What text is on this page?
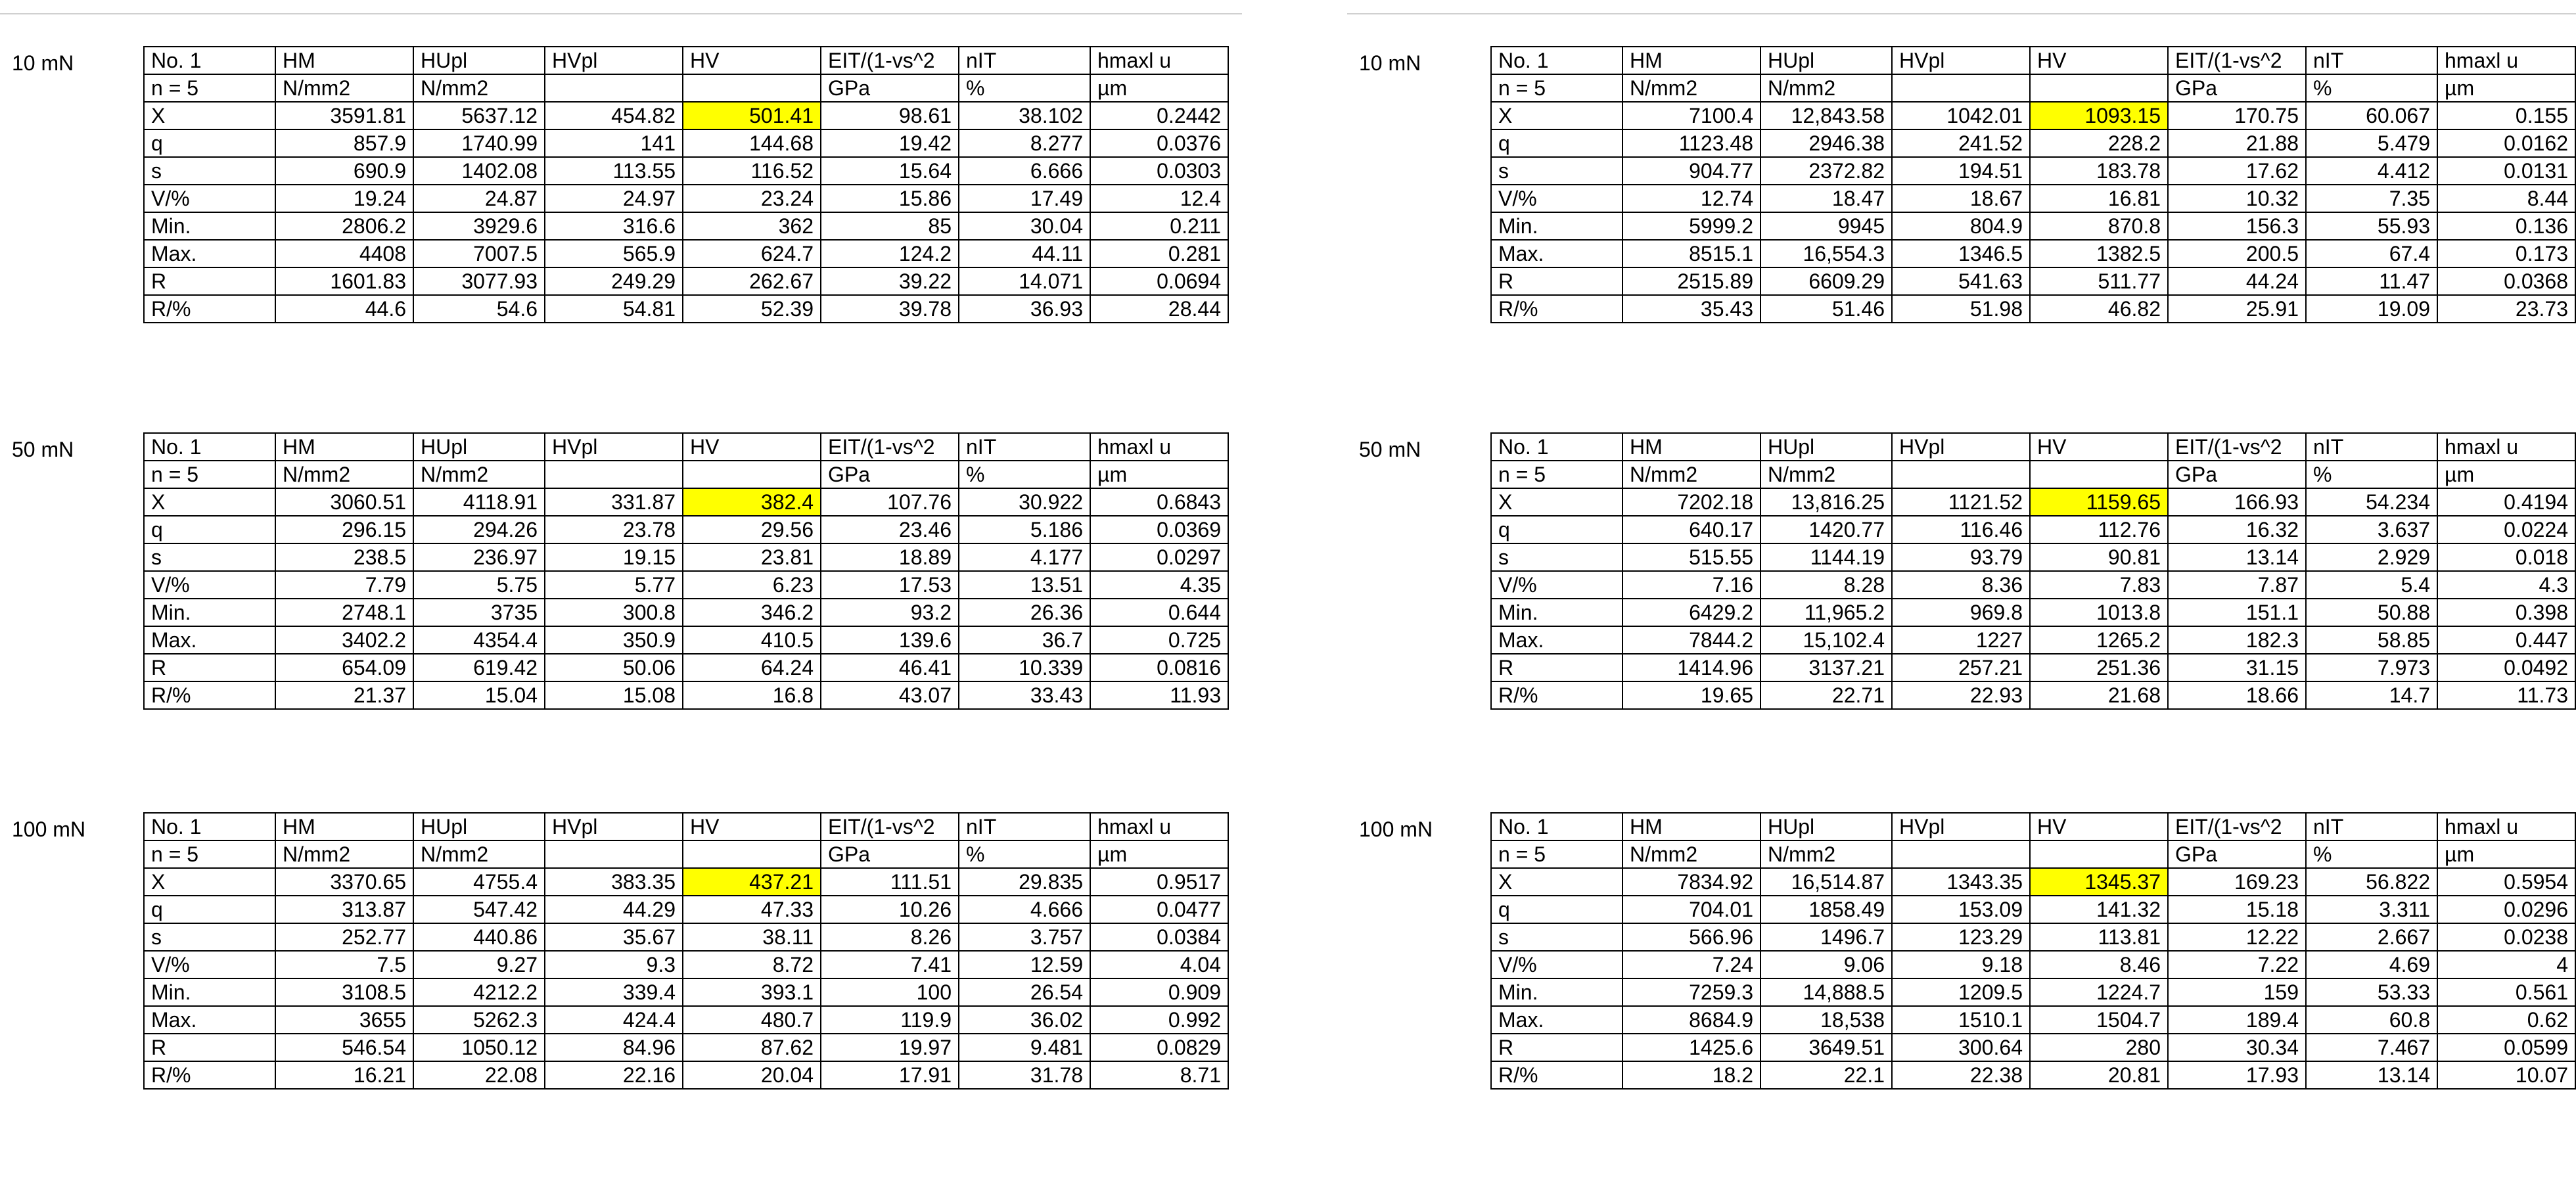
10 mN	No. 1	HM	HUpl	HVpl	HV	EIT/(1-vs^2	nIT	hmaxl u
n = 5	N/mm2	N/mm2			GPa	%	µm
X	3591.81	5637.12	454.82	501.41	98.61	38.102	0.2442
q	857.9	1740.99	141	144.68	19.42	8.277	0.0376
s	690.9	1402.08	113.55	116.52	15.64	6.666	0.0303
V/%	19.24	24.87	24.97	23.24	15.86	17.49	12.4
Min.	2806.2	3929.6	316.6	362	85	30.04	0.211
Max.	4408	7007.5	565.9	624.7	124.2	44.11	0.281
R	1601.83	3077.93	249.29	262.67	39.22	14.071	0.0694
R/%	44.6	54.6	54.81	52.39	39.78	36.93	28.44
50 mN	No. 1	HM	HUpl	HVpl	HV	EIT/(1-vs^2	nIT	hmaxl u
n = 5	N/mm2	N/mm2			GPa	%	µm
X	3060.51	4118.91	331.87	382.4	107.76	30.922	0.6843
q	296.15	294.26	23.78	29.56	23.46	5.186	0.0369
s	238.5	236.97	19.15	23.81	18.89	4.177	0.0297
V/%	7.79	5.75	5.77	6.23	17.53	13.51	4.35
Min.	2748.1	3735	300.8	346.2	93.2	26.36	0.644
Max.	3402.2	4354.4	350.9	410.5	139.6	36.7	0.725
R	654.09	619.42	50.06	64.24	46.41	10.339	0.0816
R/%	21.37	15.04	15.08	16.8	43.07	33.43	11.93
100 mN	No. 1	HM	HUpl	HVpl	HV	EIT/(1-vs^2	nIT	hmaxl u
n = 5	N/mm2	N/mm2			GPa	%	µm
X	3370.65	4755.4	383.35	437.21	111.51	29.835	0.9517
q	313.87	547.42	44.29	47.33	10.26	4.666	0.0477
s	252.77	440.86	35.67	38.11	8.26	3.757	0.0384
V/%	7.5	9.27	9.3	8.72	7.41	12.59	4.04
Min.	3108.5	4212.2	339.4	393.1	100	26.54	0.909
Max.	3655	5262.3	424.4	480.7	119.9	36.02	0.992
R	546.54	1050.12	84.96	87.62	19.97	9.481	0.0829
R/%	16.21	22.08	22.16	20.04	17.91	31.78	8.71
10 mN	No. 1	HM	HUpl	HVpl	HV	EIT/(1-vs^2	nIT	hmaxl u
n = 5	N/mm2	N/mm2			GPa	%	µm
X	7100.4	12,843.58	1042.01	1093.15	170.75	60.067	0.155
q	1123.48	2946.38	241.52	228.2	21.88	5.479	0.0162
s	904.77	2372.82	194.51	183.78	17.62	4.412	0.0131
V/%	12.74	18.47	18.67	16.81	10.32	7.35	8.44
Min.	5999.2	9945	804.9	870.8	156.3	55.93	0.136
Max.	8515.1	16,554.3	1346.5	1382.5	200.5	67.4	0.173
R	2515.89	6609.29	541.63	511.77	44.24	11.47	0.0368
R/%	35.43	51.46	51.98	46.82	25.91	19.09	23.73
50 mN	No. 1	HM	HUpl	HVpl	HV	EIT/(1-vs^2	nIT	hmaxl u
n = 5	N/mm2	N/mm2			GPa	%	µm
X	7202.18	13,816.25	1121.52	1159.65	166.93	54.234	0.4194
q	640.17	1420.77	116.46	112.76	16.32	3.637	0.0224
s	515.55	1144.19	93.79	90.81	13.14	2.929	0.018
V/%	7.16	8.28	8.36	7.83	7.87	5.4	4.3
Min.	6429.2	11,965.2	969.8	1013.8	151.1	50.88	0.398
Max.	7844.2	15,102.4	1227	1265.2	182.3	58.85	0.447
R	1414.96	3137.21	257.21	251.36	31.15	7.973	0.0492
R/%	19.65	22.71	22.93	21.68	18.66	14.7	11.73
100 mN	No. 1	HM	HUpl	HVpl	HV	EIT/(1-vs^2	nIT	hmaxl u
n = 5	N/mm2	N/mm2			GPa	%	µm
X	7834.92	16,514.87	1343.35	1345.37	169.23	56.822	0.5954
q	704.01	1858.49	153.09	141.32	15.18	3.311	0.0296
s	566.96	1496.7	123.29	113.81	12.22	2.667	0.0238
V/%	7.24	9.06	9.18	8.46	7.22	4.69	4
Min.	7259.3	14,888.5	1209.5	1224.7	159	53.33	0.561
Max.	8684.9	18,538	1510.1	1504.7	189.4	60.8	0.62
R	1425.6	3649.51	300.64	280	30.34	7.467	0.0599
R/%	18.2	22.1	22.38	20.81	17.93	13.14	10.07
